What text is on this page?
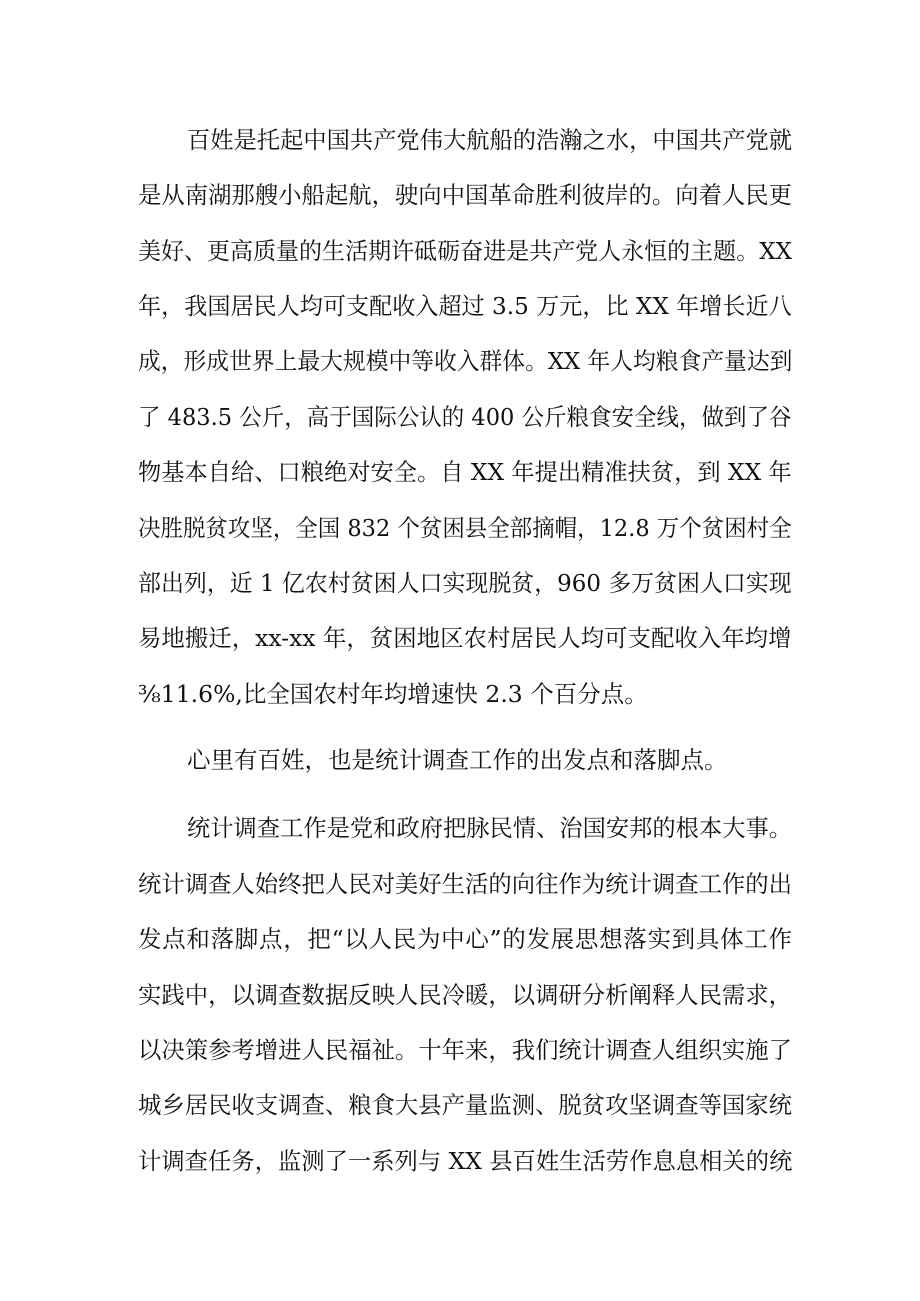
百姓是托起中国共产党伟大航船的浩瀚之水，中国共产党就
是从南湖那艘小船起航，驶向中国革命胜利彼岸的。向着人民更
美好、更高质量的生活期许砥砺奋进是共产党人永恒的主题。XX
年，我国居民人均可支配收入超过 3.5 万元，比 XX 年增长近八
成，形成世界上最大规模中等收入群体。XX 年人均粮食产量达到
了 483.5 公斤，高于国际公认的 400 公斤粮食安全线，做到了谷
物基本自给、口粮绝对安全。自 XX 年提出精准扶贫，到 XX 年
决胜脱贫攻坚，全国 832 个贫困县全部摘帽，12.8 万个贫困村全
部出列，近 1 亿农村贫困人口实现脱贫，960 多万贫困人口实现
易地搬迁，xx-xx 年，贫困地区农村居民人均可支配收入年均增
⅜11.6%,比全国农村年均增速快 2.3 个百分点。
心里有百姓，也是统计调查工作的出发点和落脚点。
统计调查工作是党和政府把脉民情、治国安邦的根本大事。
统计调查人始终把人民对美好生活的向往作为统计调查工作的出
发点和落脚点，把“以人民为中心”的发展思想落实到具体工作
实践中，以调查数据反映人民冷暖，以调研分析阐释人民需求，
以决策参考增进人民福祉。十年来，我们统计调查人组织实施了
城乡居民收支调查、粮食大县产量监测、脱贫攻坚调查等国家统
计调查任务，监测了一系列与 XX 县百姓生活劳作息息相关的统
